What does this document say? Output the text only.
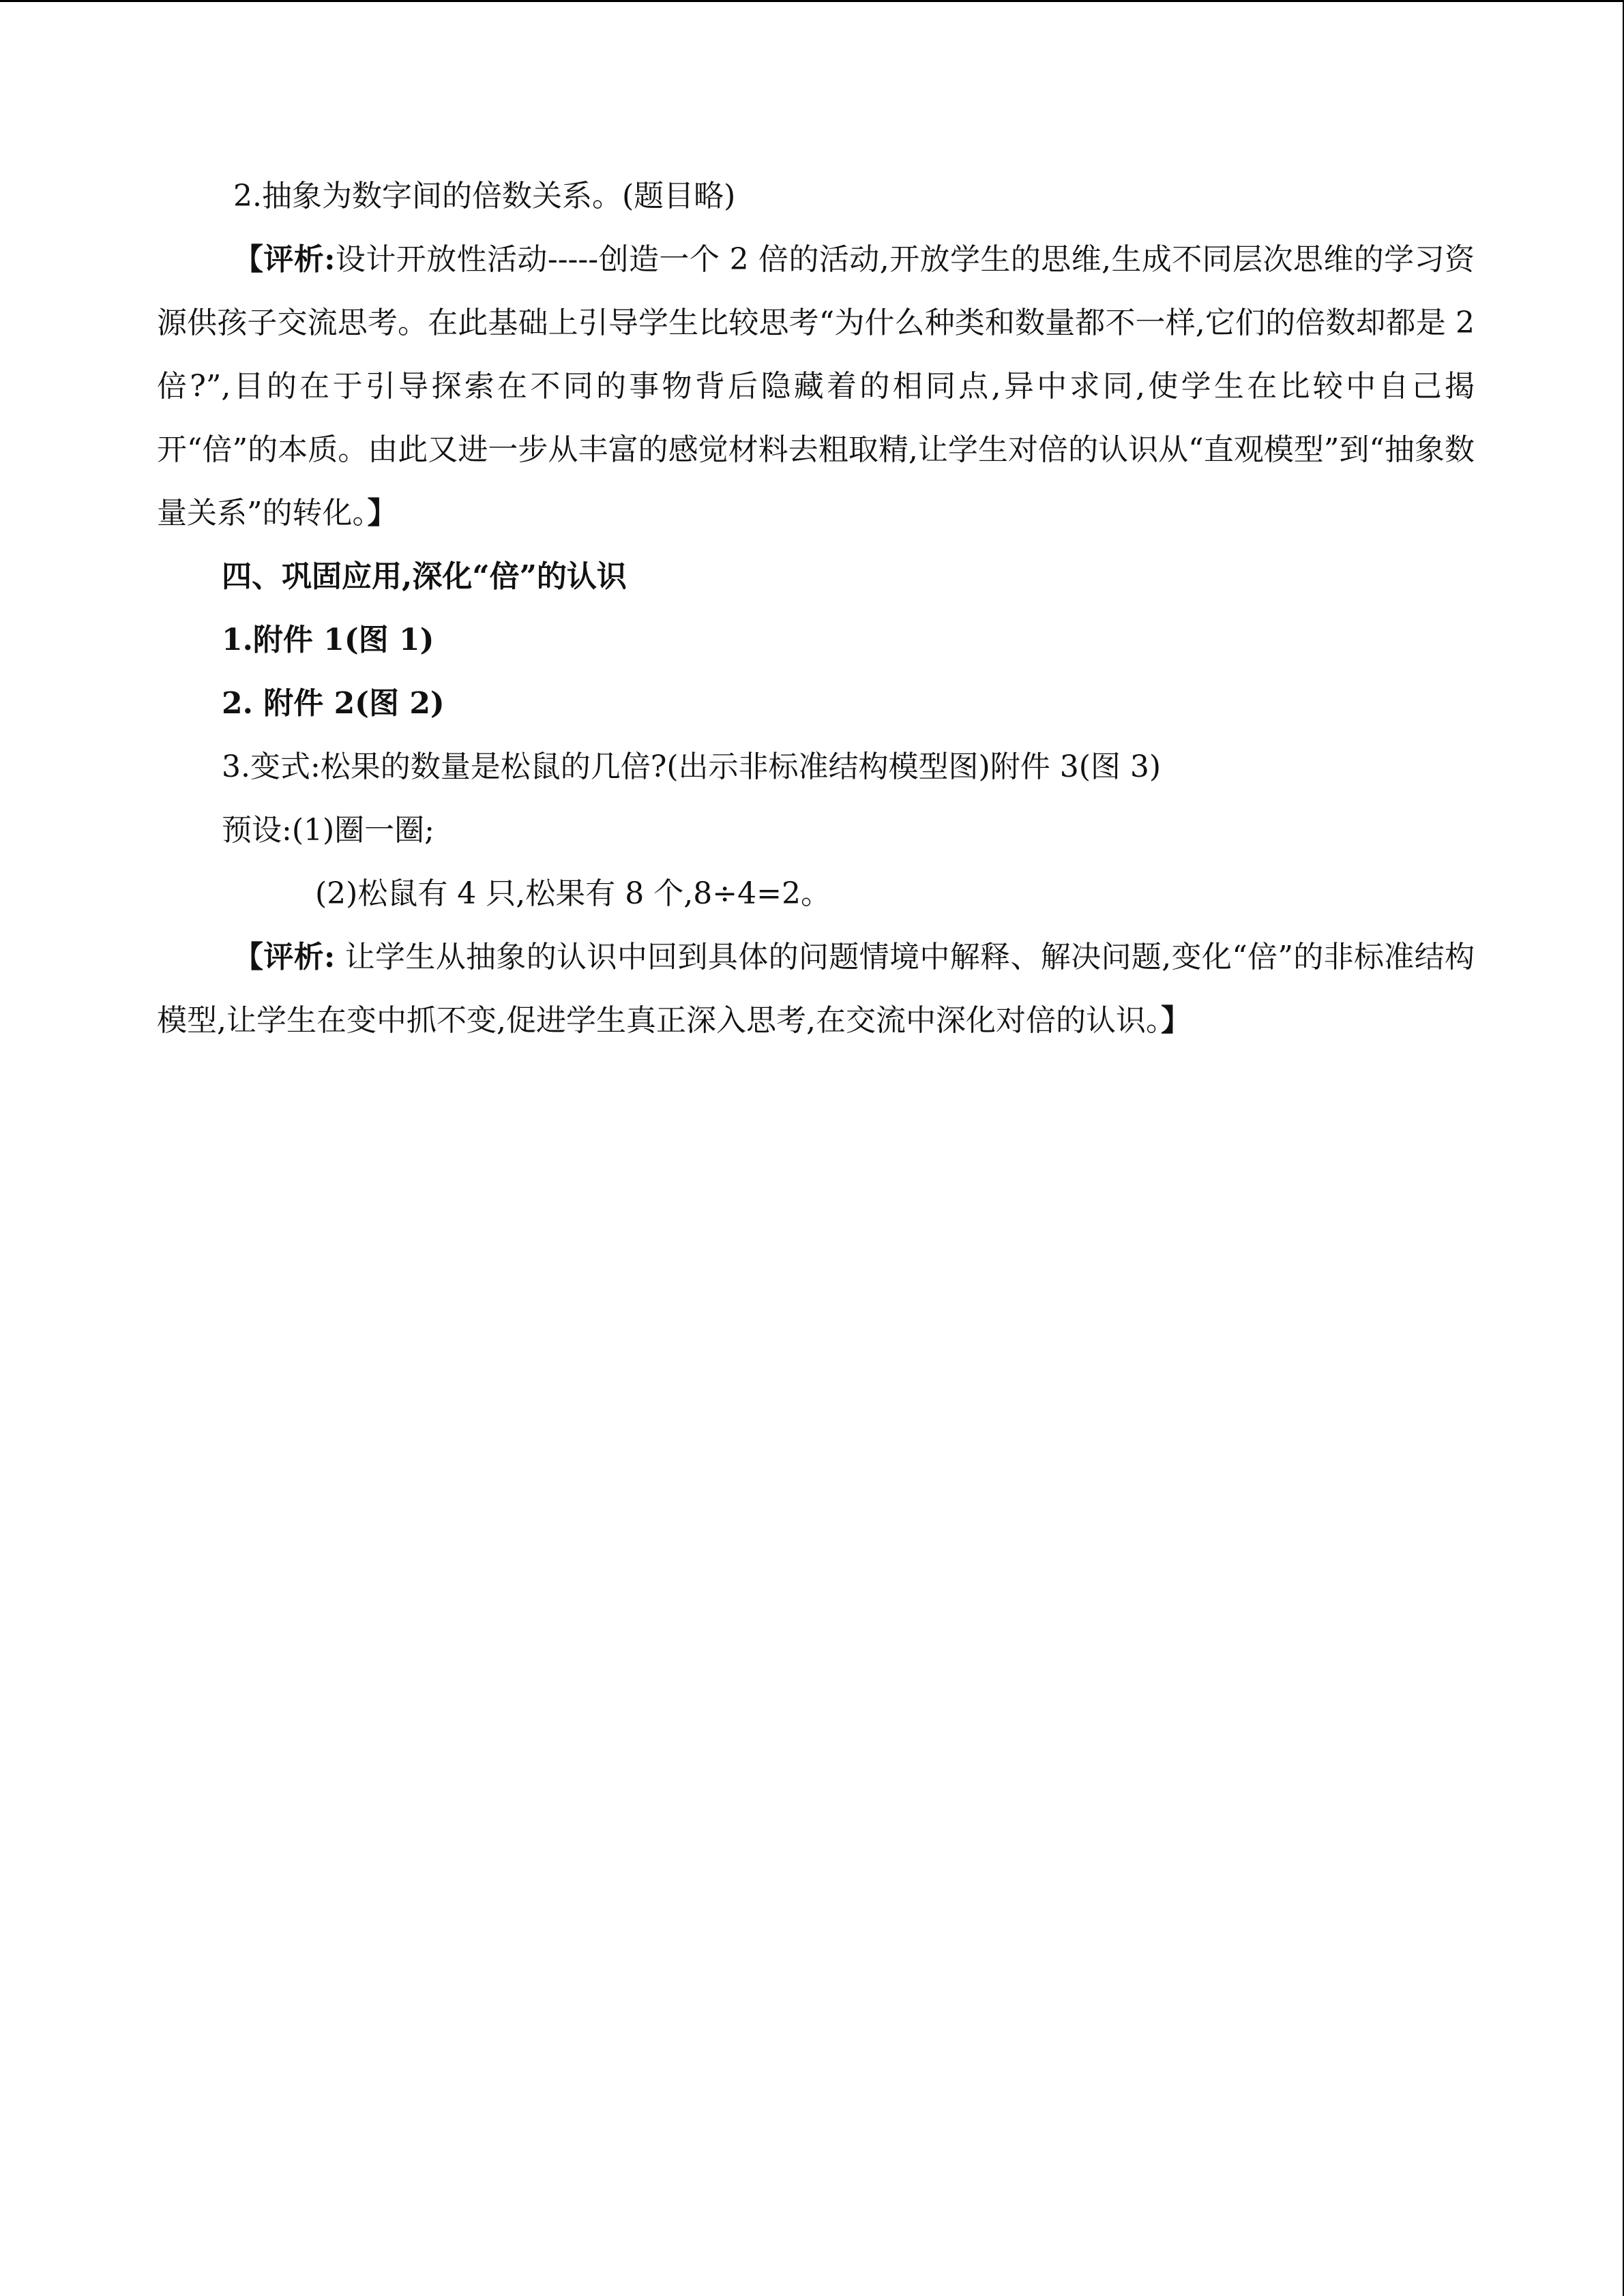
2.抽象为数字间的倍数关系。(题目略)

【评析:设计开放性活动-----创造一个 2 倍的活动,开放学生的思维,生成不同层次思维的学习资源供孩子交流思考。在此基础上引导学生比较思考“为什么种类和数量都不一样,它们的倍数却都是 2 倍?”,目的在于引导探索在不同的事物背后隐藏着的相同点,异中求同,使学生在比较中自己揭开“倍”的本质。由此又进一步从丰富的感觉材料去粗取精,让学生对倍的认识从“直观模型”到“抽象数量关系”的转化。】

四、巩固应用,深化“倍”的认识

1.附件 1(图 1)

2. 附件 2(图 2)

3.变式:松果的数量是松鼠的几倍?(出示非标准结构模型图)附件 3(图 3)

预设:(1)圈一圈;

(2)松鼠有 4 只,松果有 8 个,8÷4=2。

【评析: 让学生从抽象的认识中回到具体的问题情境中解释、解决问题,变化“倍”的非标准结构模型,让学生在变中抓不变,促进学生真正深入思考,在交流中深化对倍的认识。】
